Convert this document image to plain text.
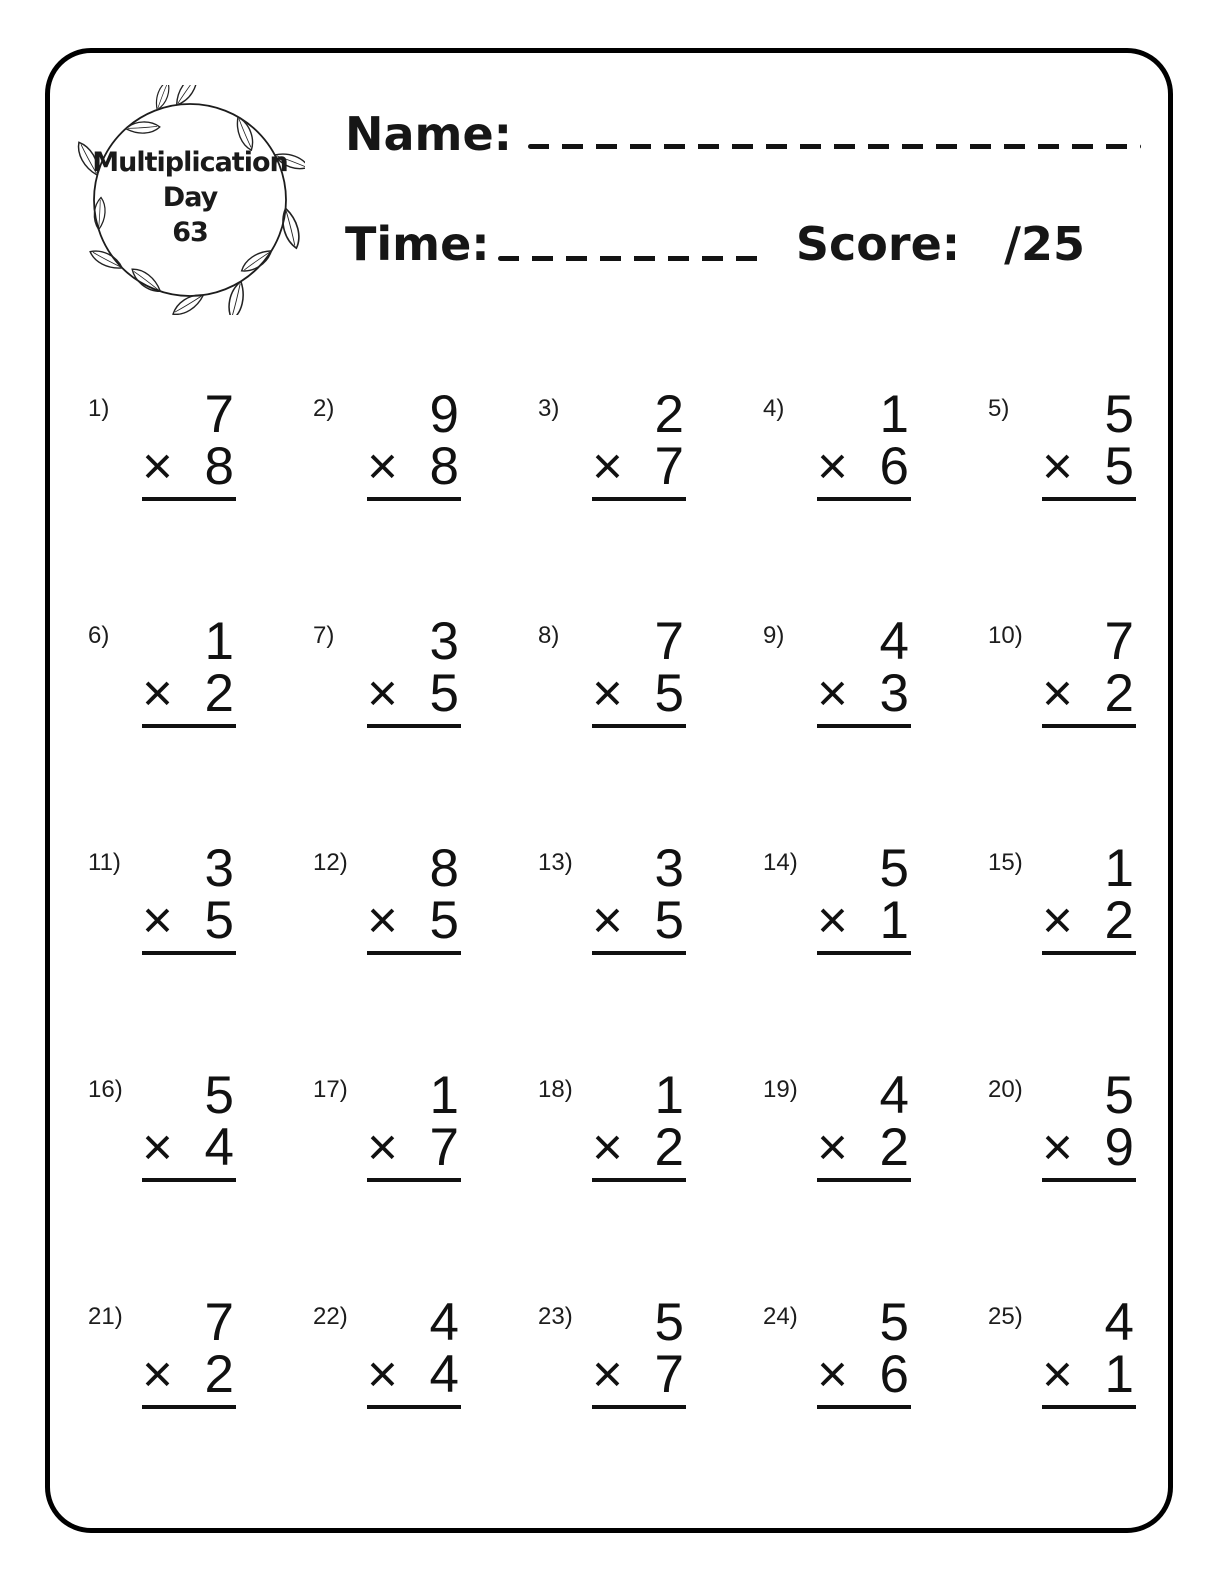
Multiplication
Day
63
Name:
Time:	Score: /25
1)	7
× 8
2)	9
× 8
3)	2
× 7
4)	1
× 6
5)	5
× 5
6)	1
× 2
7)	3
× 5
8)	7
× 5
9)	4
× 3
10)	7
× 2
11)	3
× 5
12)	8
× 5
13)	3
× 5
14)	5
× 1
15)	1
× 2
16)	5
× 4
17)	1
× 7
18)	1
× 2
19)	4
× 2
20)	5
× 9
21)	7
× 2
22)	4
× 4
23)	5
× 7
24)	5
× 6
25)	4
× 1
